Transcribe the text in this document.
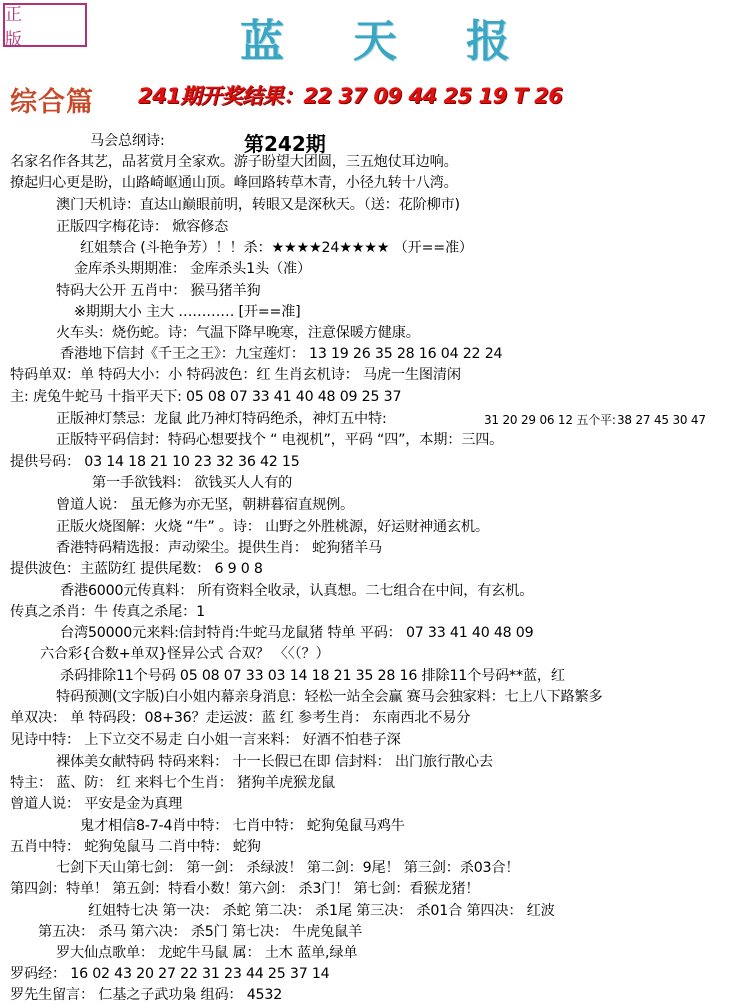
正 版	蓝 天 报
综合篇 241期开奖结果：22 37 09 44 25 19 T 26
第242期
马会总纲诗:
名家名作各其艺，品茗赏月全家欢。游子盼望大团圆，三五炮仗耳边响。
撩起归心更是盼，山路崎岖通山顶。峰回路转草木青，小径九转十八湾。
澳门天机诗：直达山巅眼前明，转眼又是深秋天。（送：花阶柳市)
正版四字梅花诗： 焮容修态
红姐禁合 (斗艳争芳）！！杀：★★★★24★★★★ （开==准）
金库杀头期期准： 金库杀头1头（准）
特码大公开 五肖中： 猴马猪羊狗
※期期大小 主大 ………… [开==准]
火车头：烧伤蛇。诗：气温下降早晚寒，注意保暖方健康。
香港地下信封《千王之王》：九宝莲灯： 13 19 26 35 28 16 04 22 24
特码单双：单 特码大小：小 特码波色：红 生肖玄机诗： 马虎一生图清闲
主: 虎兔牛蛇马 十指平天下: 05 08 07 33 41 40 48 09 25 37
正版神灯禁忌：龙鼠 此乃神灯特码绝杀，神灯五中特:
正版特平码信封：特码心想要找个 “ 电视机”，平码 “四”，本期：三四。
提供号码： 03 14 18 21 10 23 32 36 42 15
第一手欲钱料： 欲钱买人人有的
曾道人说： 虽无修为亦无坚，朝耕暮宿直规例。
正版火烧图解：火烧 “牛” 。诗： 山野之外胜桃源，好运财神通玄机。
香港特码精选报：声动梁尘。提供生肖： 蛇狗猪羊马
提供波色：主蓝防红 提供尾数： 6 9 0 8
香港6000元传真料： 所有资料全收录，认真想。二七组合在中间，有玄机。
传真之杀肖：牛 传真之杀尾：1
台湾50000元来料:信封特肖:牛蛇马龙鼠猪 特单 平码： 07 33 41 40 48 09
六合彩{合数+单双}怪异公式 合双？ 〈〈（？）
杀码排除11个号码 05 08 07 33 03 14 18 21 35 28 16 排除11个号码**蓝，红
特码预测(文字版)白小姐内幕亲身消息：轻松一站全会赢 赛马会独家料：七上八下路繁多
单双决： 单 特码段：08+36？走运波：蓝 红 参考生肖： 东南西北不易分
见诗中特： 上下立交不易走 白小姐一言来料： 好酒不怕巷子深
裸体美女献特码 特码来料： 十一长假已在即 信封料： 出门旅行散心去
特主： 蓝、防： 红 来料七个生肖： 猪狗羊虎猴龙鼠
曾道人说： 平安是金为真理
鬼才相信8-7-4肖中特： 七肖中特： 蛇狗兔鼠马鸡牛
五肖中特： 蛇狗兔鼠马 二肖中特： 蛇狗
七剑下天山第七剑： 第一剑： 杀绿波！ 第二剑：9尾！ 第三剑：杀03合！
第四剑：特单！ 第五剑：特看小数！第六剑： 杀3门！ 第七剑：看猴龙猪！
红姐特七决 第一决： 杀蛇 第二决： 杀1尾 第三决： 杀01合 第四决： 红波
第五决： 杀马 第六决： 杀5门 第七决： 牛虎兔鼠羊
罗大仙点歌单： 龙蛇牛马鼠 属： 土木 蓝单,绿单
罗码经： 16 02 43 20 27 22 31 23 44 25 37 14
罗先生留言： 仁基之子武功枭 组码： 4532
31 20 29 06 12 五个平: 38 27 45 30 47
